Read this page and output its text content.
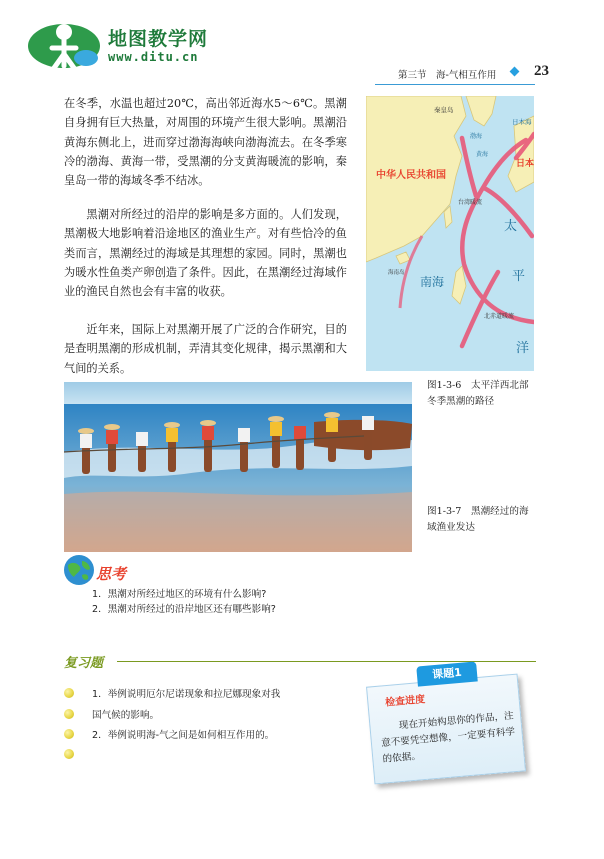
地图教学网
www.ditu.cn
第三节　海-气相互作用	23
在冬季，水温也超过20℃，高出邻近海水5～6℃。黑潮自身拥有巨大热量，对周围的环境产生很大影响。黑潮沿黄海东侧北上，进而穿过渤海海峡向渤海流去。在冬季寒冷的渤海、黄海一带，受黑潮的分支黄海暖流的影响，秦皇岛一带的海域冬季不结冰。
黑潮对所经过的沿岸的影响是多方面的。人们发现，黑潮极大地影响着沿途地区的渔业生产。对有些恰冷的鱼类而言，黑潮经过的海域是其理想的家园。同时，黑潮也为暖水性鱼类产卵创造了条件。因此，在黑潮经过海域作业的渔民自然也会有丰富的收获。
近年来，国际上对黑潮开展了广泛的合作研究，目的是查明黑潮的形成机制，弄清其变化规律，揭示黑潮和大气间的关系。
中华人民共和国
秦皇岛
渤海
黄海
日本海
日本
台湾暖流
太
平
洋
南海
海南岛
北赤道暖流
图1-3-6　太平洋西北部冬季黑潮的路径
图1-3-7　黑潮经过的海域渔业发达
思考
1．黑潮对所经过地区的环境有什么影响?
2．黑潮对所经过的沿岸地区还有哪些影响?
复习题
1．举例说明厄尔尼诺现象和拉尼娜现象对我
国气候的影响。
2．举例说明海-气之间是如何相互作用的。
课题1
检查进度
现在开始构思你的作品，注意不要凭空想像，一定要有科学的依据。
